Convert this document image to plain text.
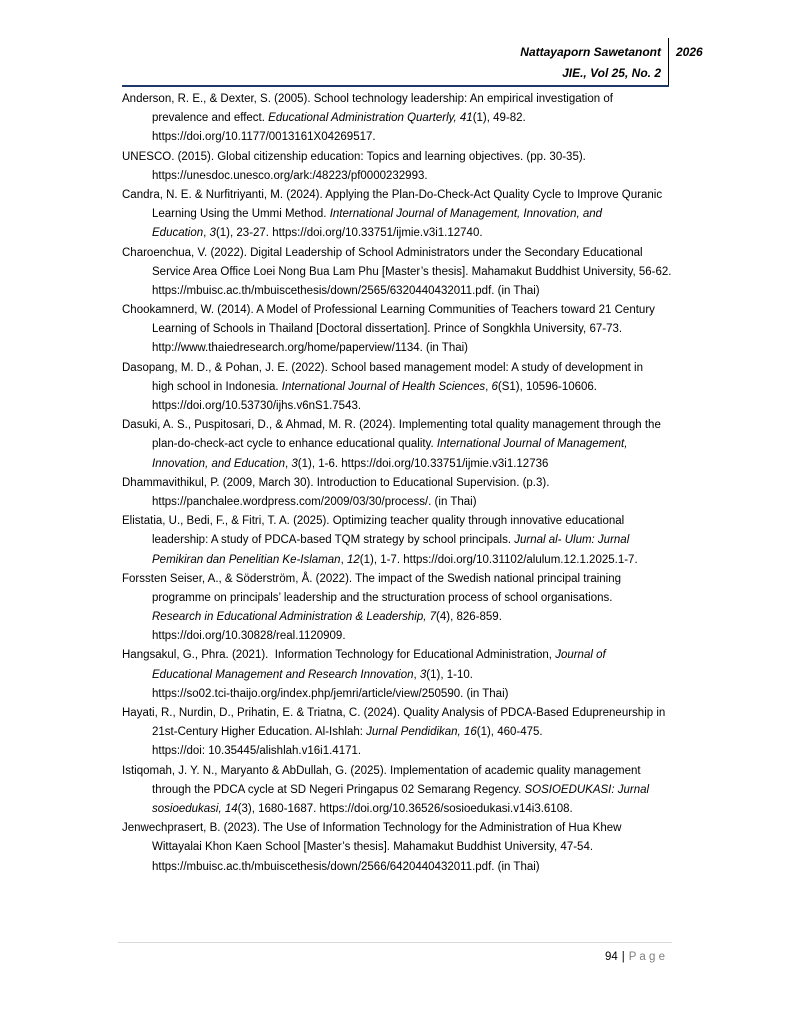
Nattayaporn Sawetanont 2026
JIE., Vol 25, No. 2
Anderson, R. E., & Dexter, S. (2005). School technology leadership: An empirical investigation of
prevalence and effect. Educational Administration Quarterly, 41(1), 49-82.
https://doi.org/10.1177/0013161X04269517.
UNESCO. (2015). Global citizenship education: Topics and learning objectives. (pp. 30-35).
https://unesdoc.unesco.org/ark:/48223/pf0000232993.
Candra, N. E. & Nurfitriyanti, M. (2024). Applying the Plan-Do-Check-Act Quality Cycle to Improve Quranic
Learning Using the Ummi Method. International Journal of Management, Innovation, and
Education, 3(1), 23-27. https://doi.org/10.33751/ijmie.v3i1.12740.
Charoenchua, V. (2022). Digital Leadership of School Administrators under the Secondary Educational
Service Area Office Loei Nong Bua Lam Phu [Master’s thesis]. Mahamakut Buddhist University, 56-62.
https://mbuisc.ac.th/mbuiscethesis/down/2565/6320440432011.pdf. (in Thai)
Chookamnerd, W. (2014). A Model of Professional Learning Communities of Teachers toward 21 Century
Learning of Schools in Thailand [Doctoral dissertation]. Prince of Songkhla University, 67-73.
http://www.thaiedresearch.org/home/paperview/1134. (in Thai)
Dasopang, M. D., & Pohan, J. E. (2022). School based management model: A study of development in
high school in Indonesia. International Journal of Health Sciences, 6(S1), 10596-10606.
https://doi.org/10.53730/ijhs.v6nS1.7543.
Dasuki, A. S., Puspitosari, D., & Ahmad, M. R. (2024). Implementing total quality management through the
plan-do-check-act cycle to enhance educational quality. International Journal of Management,
Innovation, and Education, 3(1), 1-6. https://doi.org/10.33751/ijmie.v3i1.12736
Dhammavithikul, P. (2009, March 30). Introduction to Educational Supervision. (p.3).
https://panchalee.wordpress.com/2009/03/30/process/. (in Thai)
Elistatia, U., Bedi, F., & Fitri, T. A. (2025). Optimizing teacher quality through innovative educational
leadership: A study of PDCA-based TQM strategy by school principals. Jurnal al- Ulum: Jurnal
Pemikiran dan Penelitian Ke-Islaman, 12(1), 1-7. https://doi.org/10.31102/alulum.12.1.2025.1-7.
Forssten Seiser, A., & Söderström, Å. (2022). The impact of the Swedish national principal training
programme on principals’ leadership and the structuration process of school organisations.
Research in Educational Administration & Leadership, 7(4), 826-859.
https://doi.org/10.30828/real.1120909.
Hangsakul, G., Phra. (2021).  Information Technology for Educational Administration, Journal of
Educational Management and Research Innovation, 3(1), 1-10.
https://so02.tci-thaijo.org/index.php/jemri/article/view/250590. (in Thai)
Hayati, R., Nurdin, D., Prihatin, E. & Triatna, C. (2024). Quality Analysis of PDCA-Based Edupreneurship in
21st-Century Higher Education. Al-Ishlah: Jurnal Pendidikan, 16(1), 460-475.
https://doi: 10.35445/alishlah.v16i1.4171.
Istiqomah, J. Y. N., Maryanto & AbDullah, G. (2025). Implementation of academic quality management
through the PDCA cycle at SD Negeri Pringapus 02 Semarang Regency. SOSIOEDUKASI: Jurnal
sosioedukasi, 14(3), 1680-1687. https://doi.org/10.36526/sosioedukasi.v14i3.6108.
Jenwechprasert, B. (2023). The Use of Information Technology for the Administration of Hua Khew
Wittayalai Khon Kaen School [Master’s thesis]. Mahamakut Buddhist University, 47-54.
https://mbuisc.ac.th/mbuiscethesis/down/2566/6420440432011.pdf. (in Thai)
94 | P a g e
